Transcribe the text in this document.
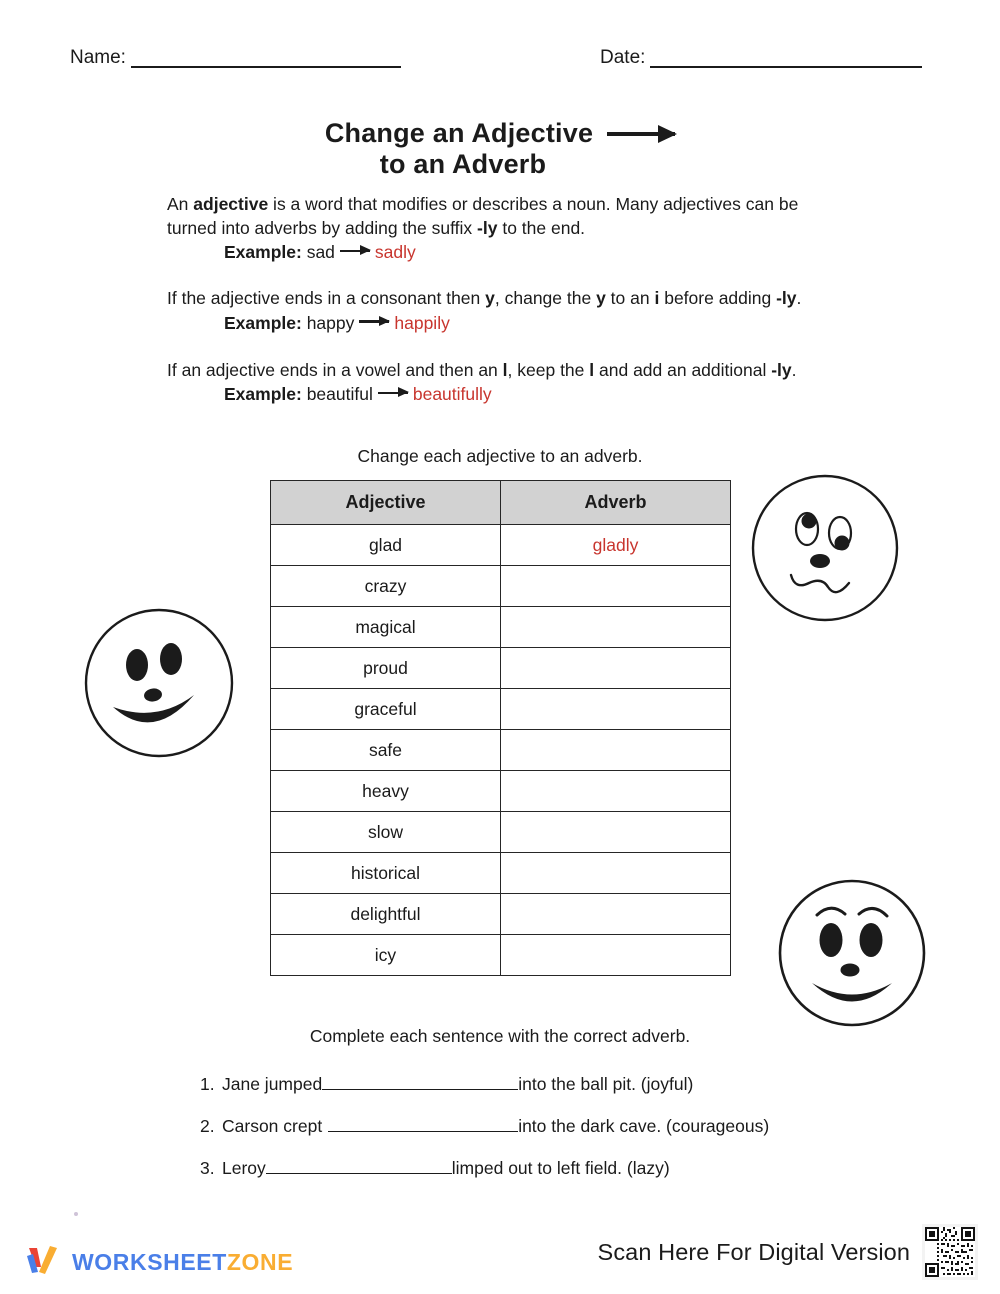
Name:	Date:
Change an Adjective
to an Adverb
An adjective is a word that modifies or describes a noun. Many adjectives can be turned into adverbs by adding the suffix -ly to the end.
Example: sad sadly
If the adjective ends in a consonant then y, change the y to an i before adding -ly.
Example: happy happily
If an adjective ends in a vowel and then an l, keep the l and add an additional -ly.
Example: beautiful beautifully
Change each adjective to an adverb.
Adjective	Adverb
glad	gladly
crazy	
magical	
proud	
graceful	
safe	
heavy	
slow	
historical	
delightful	
icy	
Complete each sentence with the correct adverb.
1. Jane jumped	into the ball pit. (joyful)
2. Carson crept	into the dark cave. (courageous)
3. Leroy	limped out to left field. (lazy)
WORKSHEETZONE	Scan Here For Digital Version
